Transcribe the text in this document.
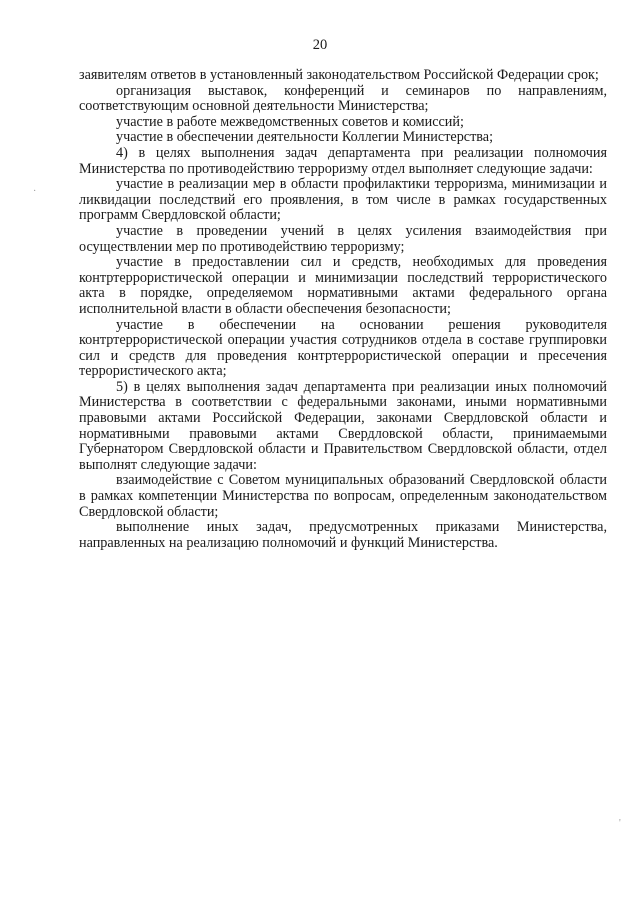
20

заявителям ответов в установленный законодательством Российской Федерации срок;

организация выставок, конференций и семинаров по направлениям, соответствующим основной деятельности Министерства;

участие в работе межведомственных советов и комиссий;

участие в обеспечении деятельности Коллегии Министерства;

4) в целях выполнения задач департамента при реализации полномочия Министерства по противодействию терроризму отдел выполняет следующие задачи:

участие в реализации мер в области профилактики терроризма, минимизации и ликвидации последствий его проявления, в том числе в рамках государственных программ Свердловской области;

участие в проведении учений в целях усиления взаимодействия при осуществлении мер по противодействию терроризму;

участие в предоставлении сил и средств, необходимых для проведения контртеррористической операции и минимизации последствий террористического акта в порядке, определяемом нормативными актами федерального органа исполнительной власти в области обеспечения безопасности;

участие в обеспечении на основании решения руководителя контртеррористической операции участия сотрудников отдела в составе группировки сил и средств для проведения контртеррористической операции и пресечения террористического акта;

5) в целях выполнения задач департамента при реализации иных полномочий Министерства в соответствии с федеральными законами, иными нормативными правовыми актами Российской Федерации, законами Свердловской области и нормативными правовыми актами Свердловской области, принимаемыми Губернатором Свердловской области и Правительством Свердловской области, отдел выполнят следующие задачи:

взаимодействие с Советом муниципальных образований Свердловской области в рамках компетенции Министерства по вопросам, определенным законодательством Свердловской области;

выполнение иных задач, предусмотренных приказами Министерства, направленных на реализацию полномочий и функций Министерства.

·
'
